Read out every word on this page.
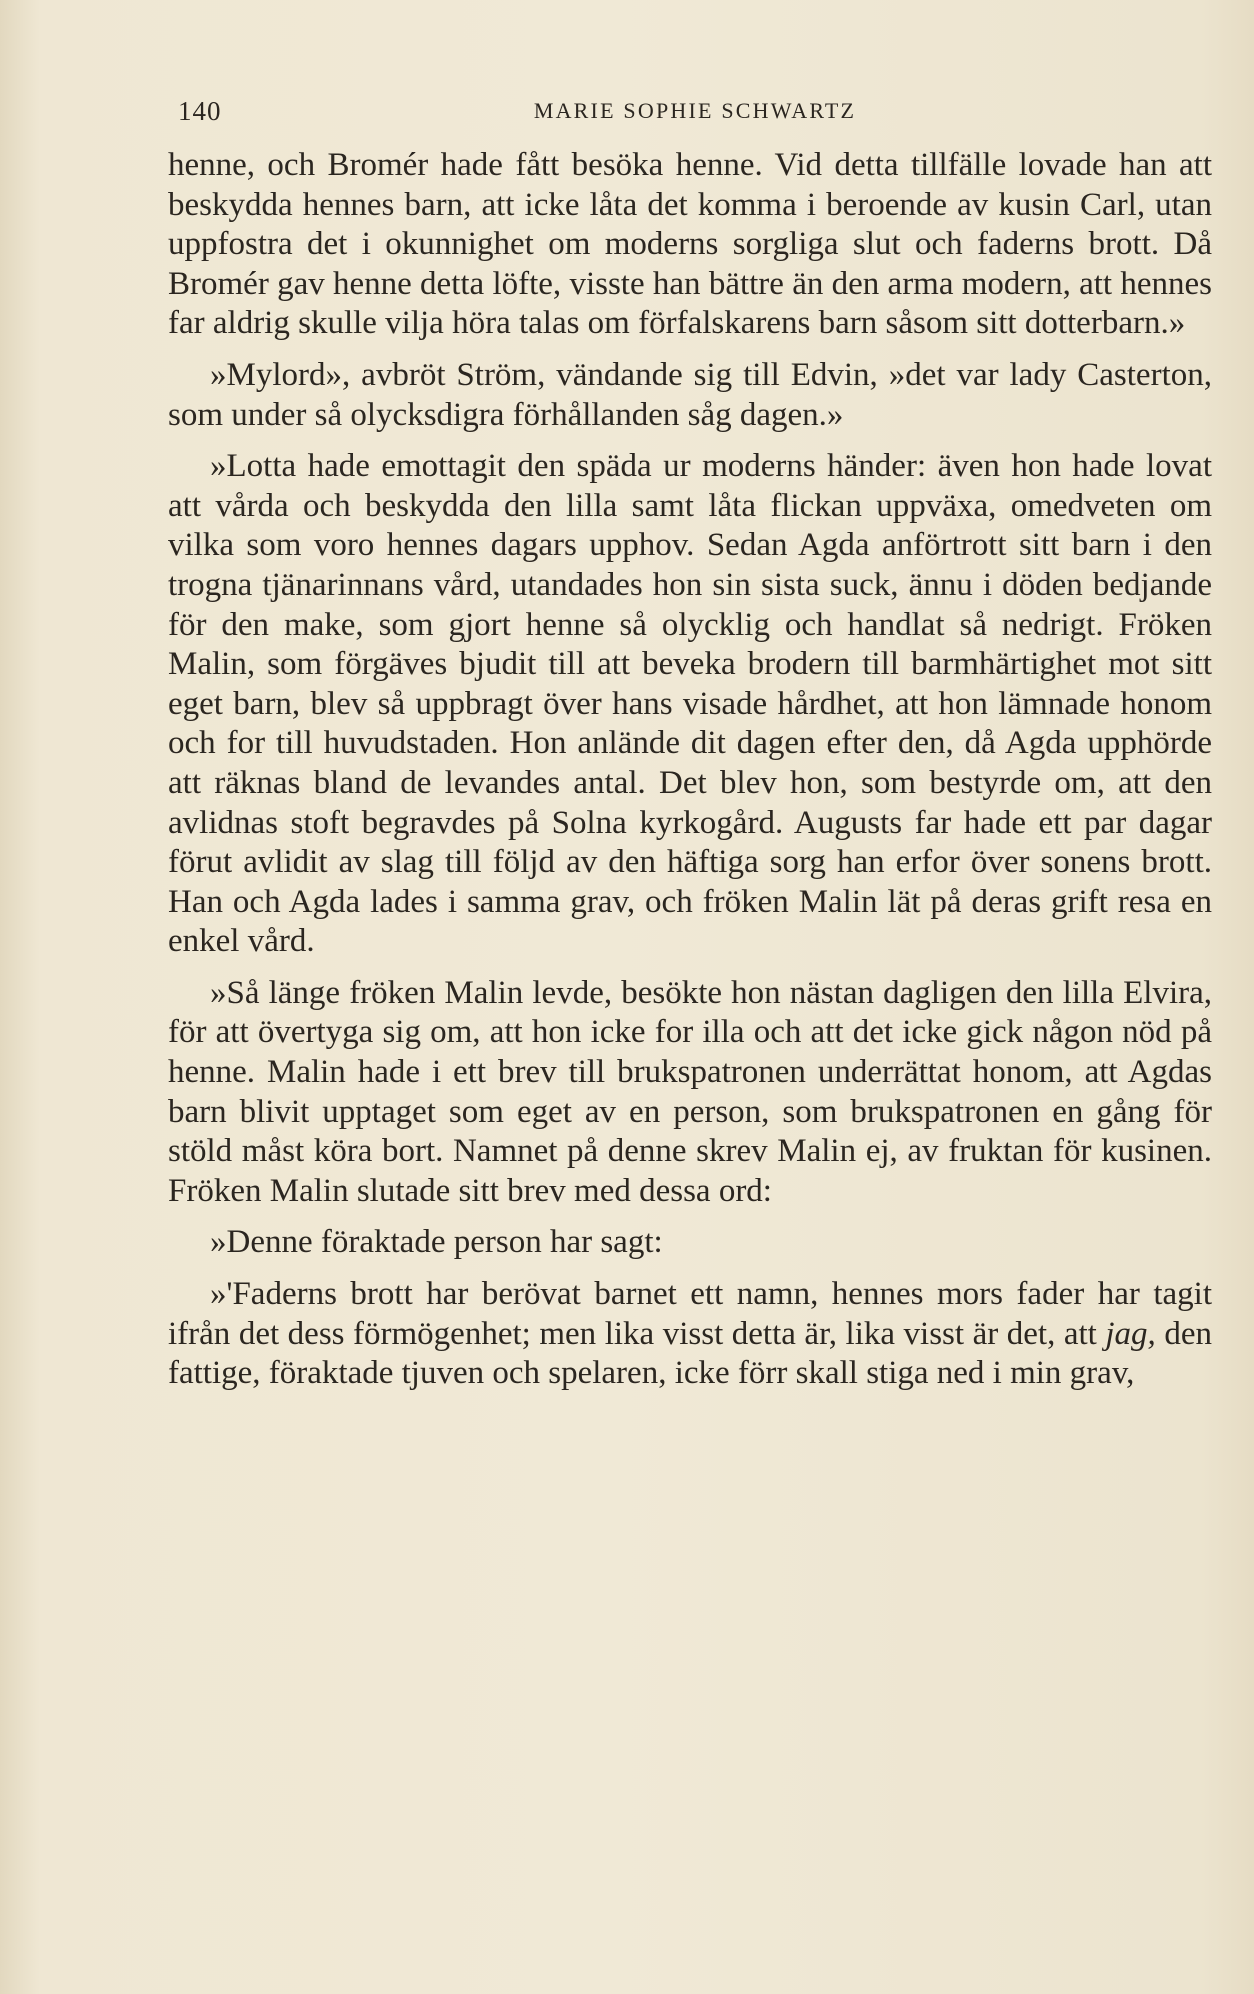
140	MARIE SOPHIE SCHWARTZ

henne, och Bromér hade fått besöka henne. Vid detta tillfälle lovade han att beskydda hennes barn, att icke låta det komma i beroende av kusin Carl, utan uppfostra det i okunnighet om moderns sorgliga slut och faderns brott. Då Bromér gav henne detta löfte, visste han bättre än den arma modern, att hennes far aldrig skulle vilja höra talas om förfalskarens barn såsom sitt dotterbarn.»

»Mylord», avbröt Ström, vändande sig till Edvin, »det var lady Casterton, som under så olycksdigra förhållanden såg dagen.»

»Lotta hade emottagit den späda ur moderns händer: även hon hade lovat att vårda och beskydda den lilla samt låta flickan uppväxa, omedveten om vilka som voro hennes dagars upphov. Sedan Agda anförtrott sitt barn i den trogna tjänarinnans vård, utandades hon sin sista suck, ännu i döden bedjande för den make, som gjort henne så olycklig och handlat så nedrigt. Fröken Malin, som förgäves bjudit till att beveka brodern till barmhärtighet mot sitt eget barn, blev så uppbragt över hans visade hårdhet, att hon lämnade honom och for till huvudstaden. Hon anlände dit dagen efter den, då Agda upphörde att räknas bland de levandes antal. Det blev hon, som bestyrde om, att den avlidnas stoft begravdes på Solna kyrkogård. Augusts far hade ett par dagar förut avlidit av slag till följd av den häftiga sorg han erfor över sonens brott. Han och Agda lades i samma grav, och fröken Malin lät på deras grift resa en enkel vård.

»Så länge fröken Malin levde, besökte hon nästan dagligen den lilla Elvira, för att övertyga sig om, att hon icke for illa och att det icke gick någon nöd på henne. Malin hade i ett brev till brukspatronen underrättat honom, att Agdas barn blivit upptaget som eget av en person, som brukspatronen en gång för stöld måst köra bort. Namnet på denne skrev Malin ej, av fruktan för kusinen. Fröken Malin slutade sitt brev med dessa ord:

»Denne föraktade person har sagt:

»'Faderns brott har berövat barnet ett namn, hennes mors fader har tagit ifrån det dess förmögenhet; men lika visst detta är, lika visst är det, att jag, den fattige, föraktade tjuven och spelaren, icke förr skall stiga ned i min grav,
